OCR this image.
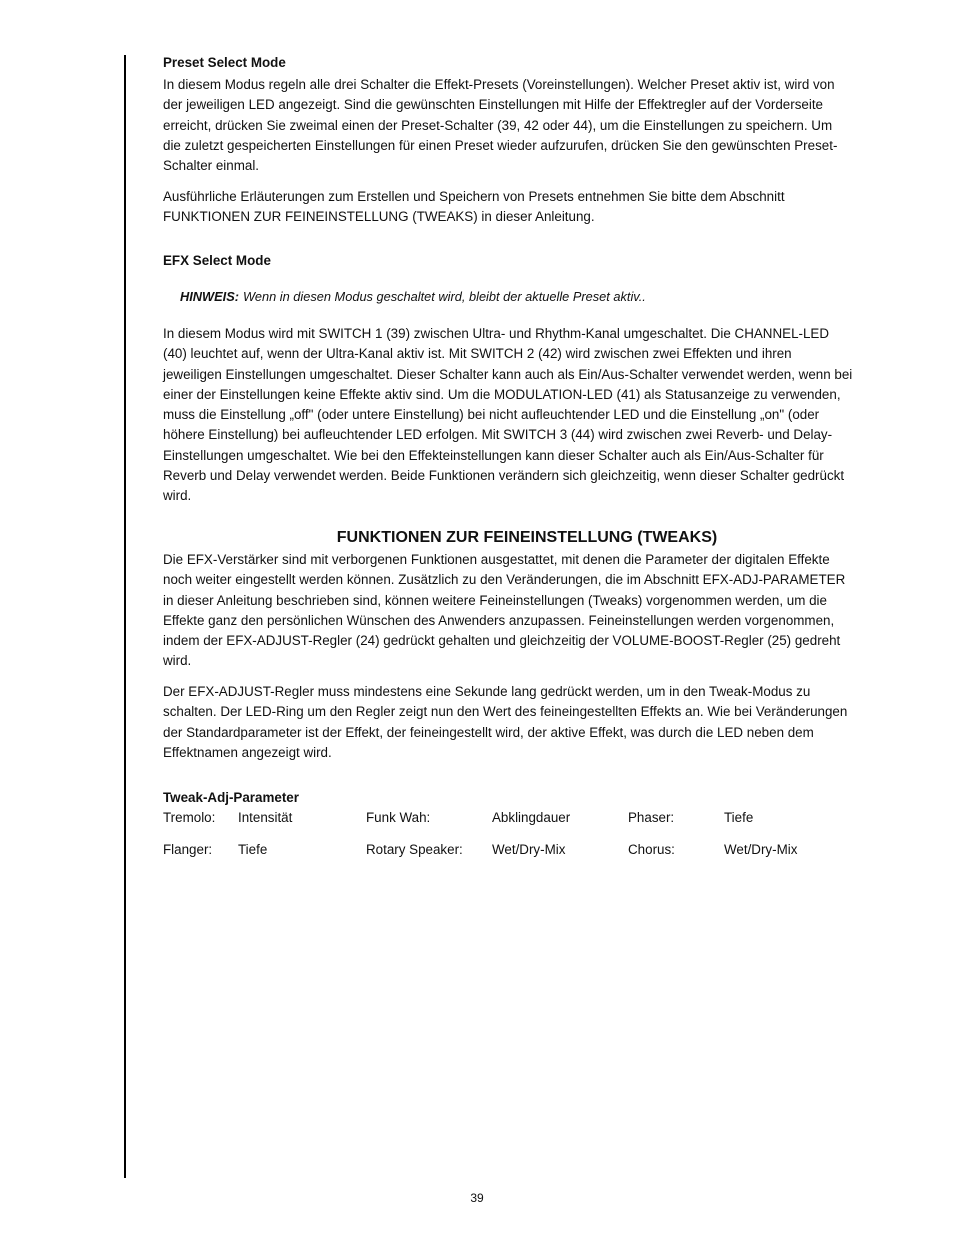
Preset Select Mode
In diesem Modus regeln alle drei Schalter die Effekt-Presets (Voreinstellungen). Welcher Preset aktiv ist, wird von
der jeweiligen LED angezeigt. Sind die gewünschten Einstellungen mit Hilfe der Effektregler auf der Vorderseite
erreicht, drücken Sie zweimal einen der Preset-Schalter (39, 42 oder 44), um die Einstellungen zu speichern. Um
die zuletzt gespeicherten Einstellungen für einen Preset wieder aufzurufen, drücken Sie den gewünschten Preset-
Schalter einmal.
Ausführliche Erläuterungen zum Erstellen und Speichern von Presets entnehmen Sie bitte dem Abschnitt
FUNKTIONEN ZUR FEINEINSTELLUNG (TWEAKS) in dieser Anleitung.
EFX Select Mode
HINWEIS: Wenn in diesen Modus geschaltet wird, bleibt der aktuelle Preset aktiv..
In diesem Modus wird mit SWITCH 1 (39) zwischen Ultra- und Rhythm-Kanal umgeschaltet. Die CHANNEL-LED
(40) leuchtet auf, wenn der Ultra-Kanal aktiv ist. Mit SWITCH 2 (42) wird zwischen zwei Effekten und ihren
jeweiligen Einstellungen umgeschaltet. Dieser Schalter kann auch als Ein/Aus-Schalter verwendet werden, wenn bei
einer der Einstellungen keine Effekte aktiv sind. Um die MODULATION-LED (41) als Statusanzeige zu verwenden,
muss die Einstellung „off" (oder untere Einstellung) bei nicht aufleuchtender LED und die Einstellung „on" (oder
höhere Einstellung) bei aufleuchtender LED erfolgen. Mit SWITCH 3 (44) wird zwischen zwei Reverb- und Delay-
Einstellungen umgeschaltet. Wie bei den Effekteinstellungen kann dieser Schalter auch als Ein/Aus-Schalter für
Reverb und Delay verwendet werden. Beide Funktionen verändern sich gleichzeitig, wenn dieser Schalter gedrückt
wird.
FUNKTIONEN ZUR FEINEINSTELLUNG (TWEAKS)
Die EFX-Verstärker sind mit verborgenen Funktionen ausgestattet, mit denen die Parameter der digitalen Effekte
noch weiter eingestellt werden können. Zusätzlich zu den Veränderungen, die im Abschnitt EFX-ADJ-PARAMETER
in dieser Anleitung beschrieben sind, können weitere Feineinstellungen (Tweaks) vorgenommen werden, um die
Effekte ganz den persönlichen Wünschen des Anwenders anzupassen. Feineinstellungen werden vorgenommen,
indem der EFX-ADJUST-Regler (24) gedrückt gehalten und gleichzeitig der VOLUME-BOOST-Regler (25) gedreht
wird.
Der EFX-ADJUST-Regler muss mindestens eine Sekunde lang gedrückt werden, um in den Tweak-Modus zu
schalten. Der LED-Ring um den Regler zeigt nun den Wert des feineingestellten Effekts an. Wie bei Veränderungen
der Standardparameter ist der Effekt, der feineingestellt wird, der aktive Effekt, was durch die LED neben dem
Effektnamen angezeigt wird.
Tweak-Adj-Parameter
Tremolo: Intensität	Funk Wah:	Abklingdauer	Phaser:	Tiefe
Flanger: Tiefe	Rotary Speaker: Wet/Dry-Mix	Chorus:	Wet/Dry-Mix
39
